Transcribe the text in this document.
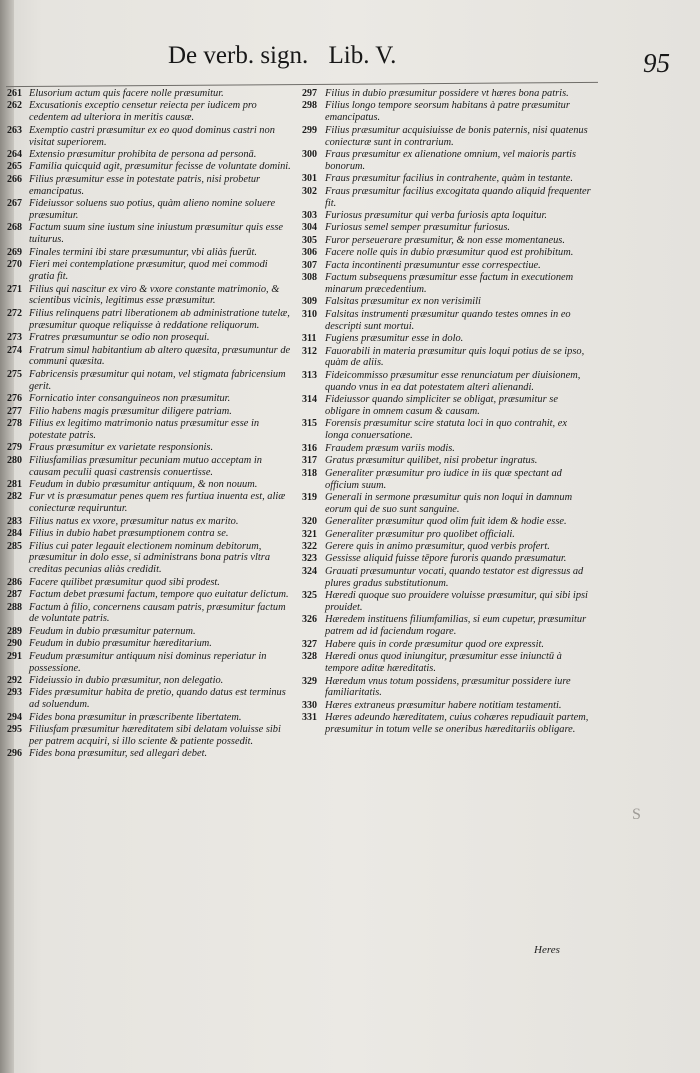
De verb. sign. Lib. V.	95
261 Elusorium actum quis facere nolle præsumitur.
262 Excusationis exceptio censetur reiecta per iudicem pro cedentem ad ulteriora in meritis causæ.
263 Exemptio castri præsumitur ex eo quod dominus castri non visitat superiorem.
264 Extensio præsumitur prohibita de persona ad personā.
265 Familia quicquid agit, præsumitur fecisse de voluntate domini.
266 Filius præsumitur esse in potestate patris, nisi probetur emancipatus.
267 Fideiussor soluens suo potius, quàm alieno nomine soluere præsumitur.
268 Factum suum sine iustum sine iniustum præsumitur quis esse tuiturus.
269 Finales termini ibi stare præsumuntur, vbi aliàs fuerūt.
270 Fieri mei contemplatione præsumitur, quod mei commodi gratia fit.
271 Filius qui nascitur ex viro & vxore constante matrimonio, & scientibus vicinis, legitimus esse præsumitur.
272 Filius relinquens patri liberationem ab administratione tutelæ, præsumitur quoque reliquisse à reddatione reliquorum.
273 Fratres præsumuntur se odio non prosequi.
274 Fratrum simul habitantium ab altero quæsita, præsumuntur de communi quæsita.
275 Fabricensis præsumitur qui notam, vel stigmata fabricensium gerit.
276 Fornicatio inter consanguineos non præsumitur.
277 Filio habens magis præsumitur diligere patriam.
278 Filius ex legitimo matrimonio natus præsumitur esse in potestate patris.
279 Fraus præsumitur ex varietate responsionis.
280 Filiusfamilias præsumitur pecuniam mutuo acceptam in causam peculii quasi castrensis conuertisse.
281 Feudum in dubio præsumitur antiquum, & non nouum.
282 Fur vt is præsumatur penes quem res furtiua inuenta est, aliæ coniecturæ requiruntur.
283 Filius natus ex vxore, præsumitur natus ex marito.
284 Filius in dubio habet præsumptionem contra se.
285 Filius cui pater legauit electionem nominum debitorum, præsumitur in dolo esse, si administrans bona patris vltra creditas pecunias aliàs credidit.
286 Facere quilibet præsumitur quod sibi prodest.
287 Factum debet præsumi factum, tempore quo euitatur delictum.
288 Factum à filio, concernens causam patris, præsumitur factum de voluntate patris.
289 Feudum in dubio præsumitur paternum.
290 Feudum in dubio præsumitur hæreditarium.
291 Feudum præsumitur antiquum nisi dominus reperiatur in possessione.
292 Fideiussio in dubio præsumitur, non delegatio.
293 Fides præsumitur habita de pretio, quando datus est terminus ad soluendum.
294 Fides bona præsumitur in præscribente libertatem.
295 Filiusfam præsumitur hæreditatem sibi delatam voluisse sibi per patrem acquiri, si illo sciente & patiente possedit.
296 Fides bona præsumitur, sed allegari debet.
297 Filius in dubio præsumitur possidere vt hæres bona patris.
298 Filius longo tempore seorsum habitans à patre præsumitur emancipatus.
299 Filius præsumitur acquisiuisse de bonis paternis, nisi quatenus coniecturæ sunt in contrarium.
300 Fraus præsumitur ex alienatione omnium, vel maioris partis bonorum.
301 Fraus præsumitur facilius in contrahente, quàm in testante.
302 Fraus præsumitur facilius excogitata quando aliquid frequenter fit.
303 Furiosus præsumitur qui verba furiosis apta loquitur.
304 Furiosus semel semper præsumitur furiosus.
305 Furor perseuerare præsumitur, & non esse momentaneus.
306 Facere nolle quis in dubio præsumitur quod est prohibitum.
307 Facta incontinenti præsumuntur esse correspectiue.
308 Factum subsequens præsumitur esse factum in executionem minarum præcedentium.
309 Falsitas præsumitur ex non verisimili
310 Falsitas instrumenti præsumitur quando testes omnes in eo descripti sunt mortui.
311 Fugiens præsumitur esse in dolo.
312 Fauorabili in materia præsumitur quis loqui potius de se ipso, quàm de aliis.
313 Fideicommisso præsumitur esse renunciatum per diuisionem, quando vnus in ea dat potestatem alteri alienandi.
314 Fideiussor quando simpliciter se obligat, præsumitur se obligare in omnem casum & causam.
315 Forensis præsumitur scire statuta loci in quo contrahit, ex longa conuersatione.
316 Fraudem præsum variis modis.
317 Gratus præsumitur quilibet, nisi probetur ingratus.
318 Generaliter præsumitur pro iudice in iis quæ spectant ad officium suum.
319 Generali in sermone præsumitur quis non loqui in damnum eorum qui de suo sunt sanguine.
320 Generaliter præsumitur quod olim fuit idem & hodie esse.
321 Generaliter præsumitur pro quolibet officiali.
322 Gerere quis in animo præsumitur, quod verbis profert.
323 Gessisse aliquid fuisse tēpore furoris quando præsumatur.
324 Grauati præsumuntur vocati, quando testator est digressus ad plures gradus substitutionum.
325 Hæredi quoque suo prouidere voluisse præsumitur, qui sibi ipsi prouidet.
326 Hæredem instituens filiumfamilias, si eum cupetur, præsumitur patrem ad id faciendum rogare.
327 Habere quis in corde præsumitur quod ore expressit.
328 Hæredi onus quod iniungitur, præsumitur esse iniunctū à tempore aditæ hæreditatis.
329 Hæredum vnus totum possidens, præsumitur possidere iure familiaritatis.
330 Hæres extraneus præsumitur habere notitiam testamenti.
331 Hæres adeundo hæreditatem, cuius cohæres repudiauit partem, præsumitur in totum velle se oneribus hæreditariis obligare.
Heres
S
